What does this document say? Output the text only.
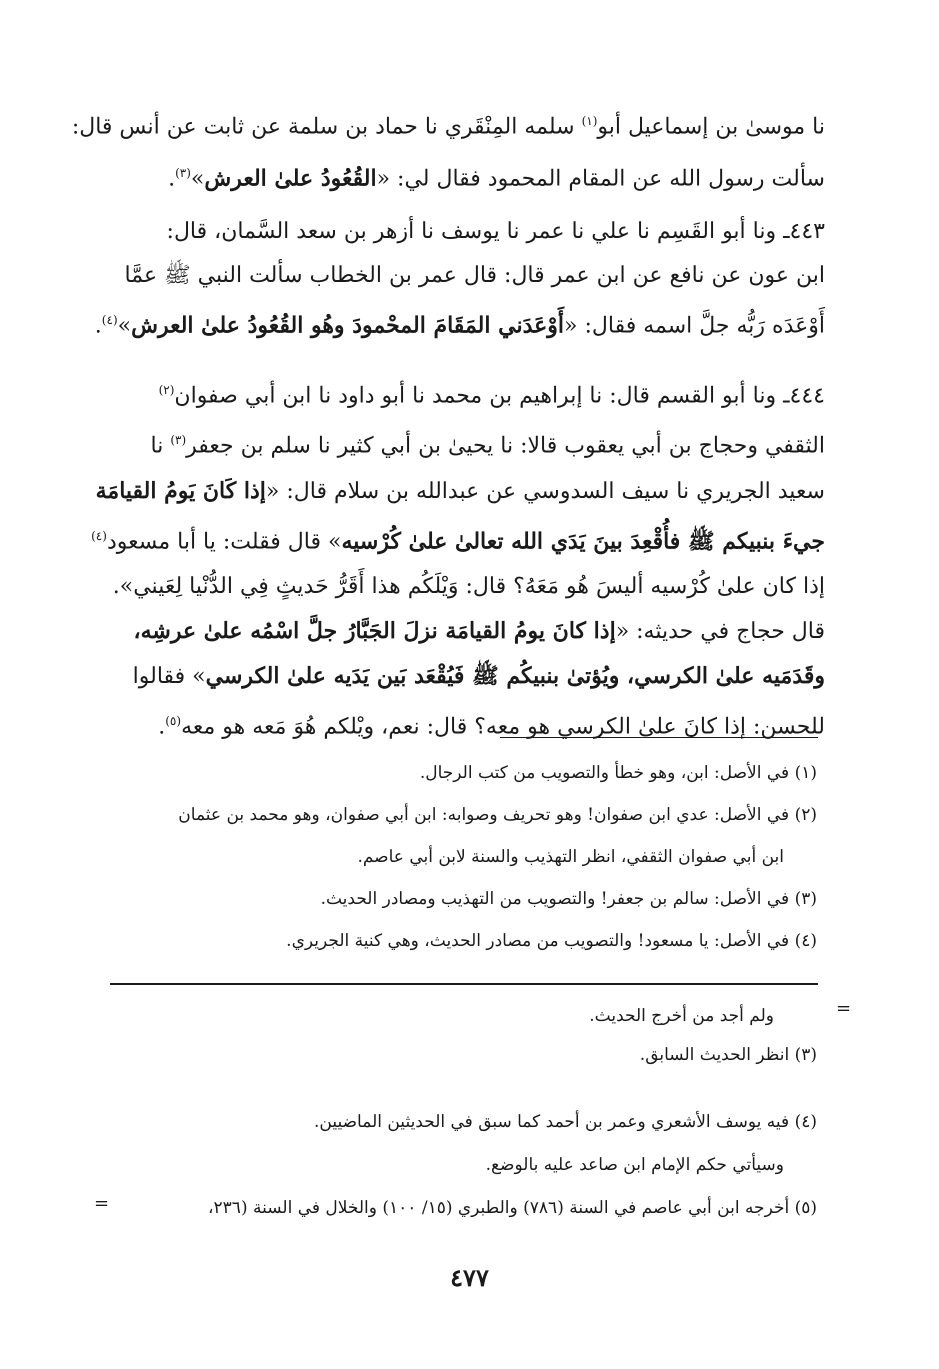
نا موسىٰ بن إسماعيل أبو$^{(١)}$ سلمه المِنْقَري نا حماد بن سلمة عن ثابت عن أنس قال:
سألت رسول الله عن المقام المحمود فقال لي: «القُعُودُ علىٰ العرش»$^{(٣)}$.
٤٤٣ـ ونا أبو القَسِم نا علي نا عمر نا يوسف نا أزهر بن سعد السَّمان، قال:
ابن عون عن نافع عن ابن عمر قال: قال عمر بن الخطاب سألت النبي ﷺ عمَّا
أَوْعَدَه رَبُّه جلَّ اسمه فقال: «أَوْعَدَني المَقَامَ المحْمودَ وهُو القُعُودُ علىٰ العرش»$^{(٤)}$.
٤٤٤ـ ونا أبو القسم قال: نا إبراهيم بن محمد نا أبو داود نا ابن أبي صفوان$^{(٢)}$
الثقفي وحجاج بن أبي يعقوب قالا: نا يحيىٰ بن أبي كثير نا سلم بن جعفر$^{(٣)}$ نا
سعيد الجريري نا سيف السدوسي عن عبدالله بن سلام قال: «إذا كَانَ يَومُ القيامَة
جيءَ بنبيكم ﷺ فأُقْعِدَ بينَ يَدَي الله تعالىٰ علىٰ كُرْسيه» قال فقلت: يا أبا مسعود$^{(٤)}$
إذا كان علىٰ كُرْسيه أليسَ هُو مَعَهُ؟ قال: وَيْلَكُم هذا أَقَرُّ حَديثٍ فِي الدُّنْيا لِعَيني».
قال حجاج في حديثه: «إذا كانَ يومُ القيامَة نزلَ الجَبَّارُ جلَّ اسْمُه علىٰ عرشِه،
وقَدَمَيه علىٰ الكرسي، ويُؤتىٰ بنبيكُم ﷺ فَيُقْعَد بَين يَدَيه علىٰ الكرسي» فقالوا
للحسن: إذا كانَ علىٰ الكرسي هو معه؟ قال: نعم، ويْلكم هُوَ مَعه هو معه$^{(٥)}$.
(١) في الأصل: ابن، وهو خطأ والتصويب من كتب الرجال.
(٢) في الأصل: عدي ابن صفوان! وهو تحريف وصوابه: ابن أبي صفوان، وهو محمد بن عثمان
ابن أبي صفوان الثقفي، انظر التهذيب والسنة لابن أبي عاصم.
(٣) في الأصل: سالم بن جعفر! والتصويب من التهذيب ومصادر الحديث.
(٤) في الأصل: يا مسعود! والتصويب من مصادر الحديث، وهي كنية الجريري.
=
ولم أجد من أخرج الحديث.
(٣) انظر الحديث السابق.
(٤) فيه يوسف الأشعري وعمر بن أحمد كما سبق في الحديثين الماضيين.
وسيأتي حكم الإمام ابن صاعد عليه بالوضع.
(٥) أخرجه ابن أبي عاصم في السنة (٧٨٦) والطبري (١٥/ ١٠٠) والخلال في السنة (٢٣٦،
=
٤٧٧
